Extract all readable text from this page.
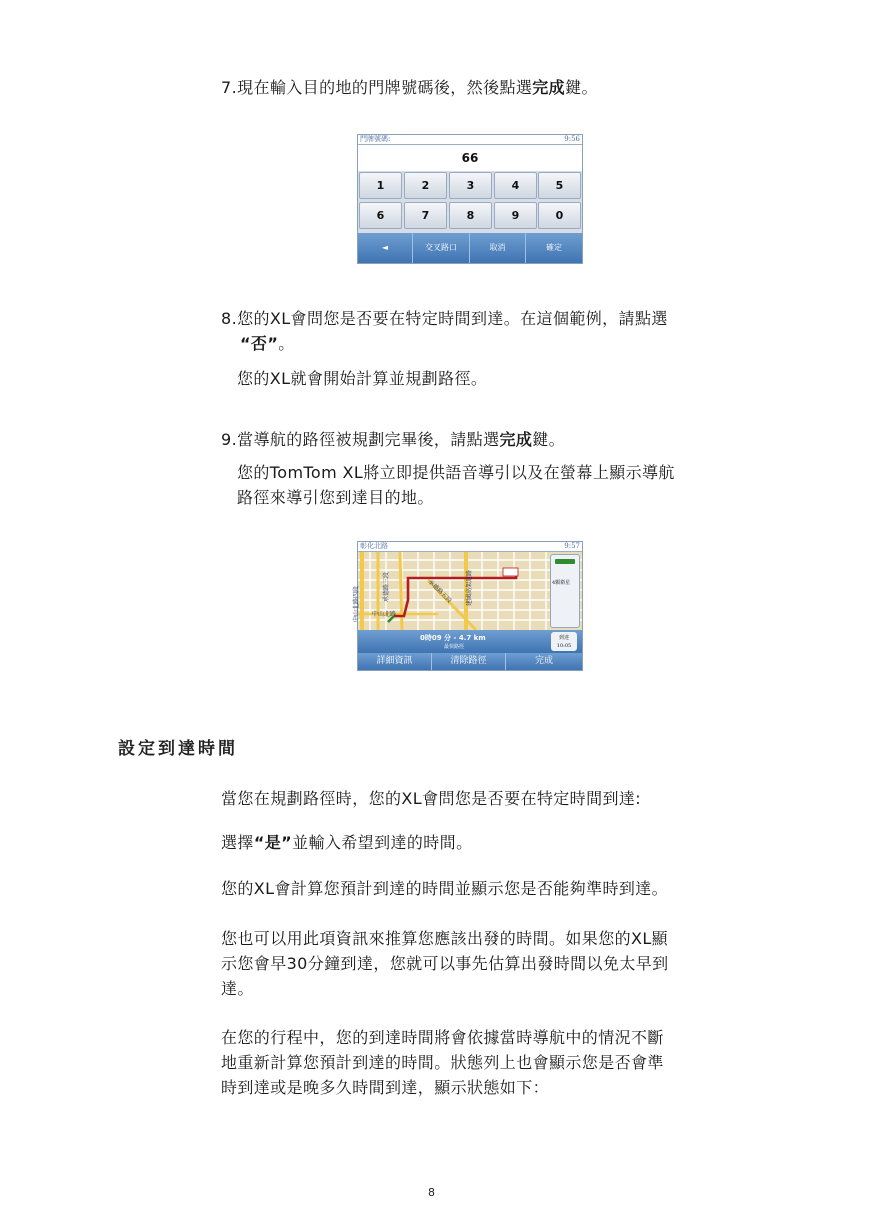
7.現在輸入目的地的門牌號碼後，然後點選完成鍵。
門牌號碼:	9:56
66
1	2	3	4	5
6	7	8	9	0
◄	交叉路口	取消	確定
8.您的XL會問您是否要在特定時間到達。在這個範例，請點選
“否”。
您的XL就會開始計算並規劃路徑。
9.當導航的路徑被規劃完畢後，請點選完成鍵。
您的TomTom XL將立即提供語音導引以及在螢幕上顯示導航
路徑來導引您到達目的地。
彰化北路	9:57
中山北路四段	承德路三段
中山北路
承德路五段 建國高架道路	4顆衛星
0時09 分 - 4.7 km
最快路徑
到達
10:05
詳細資訊	清除路徑	完成
設定到達時間
當您在規劃路徑時，您的XL會問您是否要在特定時間到達:
選擇“是”並輸入希望到達的時間。
您的XL會計算您預計到達的時間並顯示您是否能夠準時到達。
您也可以用此項資訊來推算您應該出發的時間。如果您的XL顯
示您會早30分鐘到達，您就可以事先估算出發時間以免太早到
達。
在您的行程中，您的到達時間將會依據當時導航中的情況不斷
地重新計算您預計到達的時間。狀態列上也會顯示您是否會準
時到達或是晚多久時間到達，顯示狀態如下：
8
